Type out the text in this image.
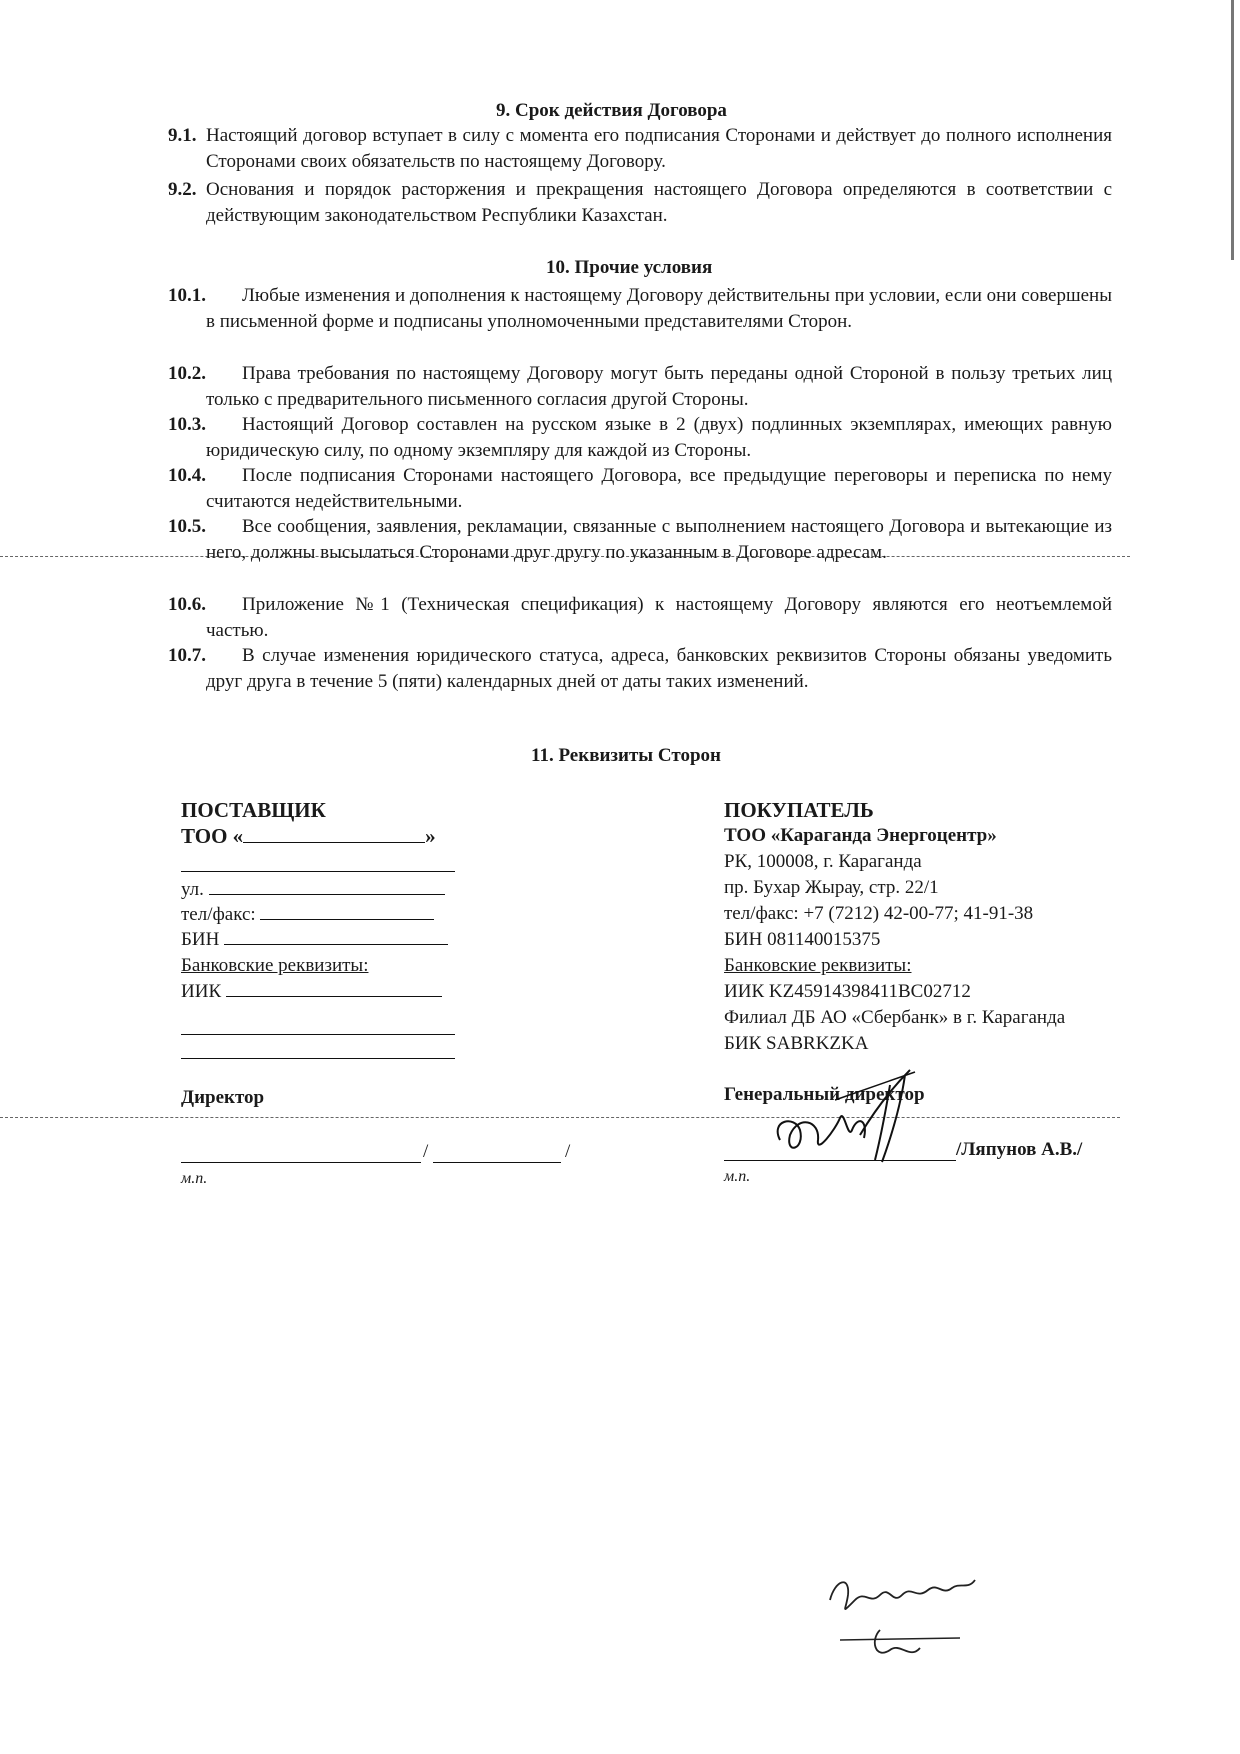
9. Срок действия Договора
9.1. Настоящий договор вступает в силу с момента его подписания Сторонами и действует до полного исполнения Сторонами своих обязательств по настоящему Договору.
9.2. Основания и порядок расторжения и прекращения настоящего Договора определяются в соответствии с действующим законодательством Республики Казахстан.
10. Прочие условия
10.1.	Любые изменения и дополнения к настоящему Договору действительны при условии, если они совершены в письменной форме и подписаны уполномоченными представителями Сторон.
10.2.	Права требования по настоящему Договору могут быть переданы одной Стороной в пользу третьих лиц только с предварительного письменного согласия другой Стороны.
10.3.	Настоящий Договор составлен на русском языке в 2 (двух) подлинных экземплярах, имеющих равную юридическую силу, по одному экземпляру для каждой из Стороны.
10.4.	После подписания Сторонами настоящего Договора, все предыдущие переговоры и переписка по нему считаются недействительными.
10.5.	Все сообщения, заявления, рекламации, связанные с выполнением настоящего Договора и вытекающие из него, должны высылаться Сторонами друг другу по указанным в Договоре адресам.
10.6.	Приложение №1 (Техническая спецификация) к настоящему Договору являются его неотъемлемой частью.
10.7.	В случае изменения юридического статуса, адреса, банковских реквизитов Стороны обязаны уведомить друг друга в течение 5 (пяти) календарных дней от даты таких изменений.
11. Реквизиты Сторон
ПОСТАВЩИК
ТОО «	»
ул.
тел/факс:
БИН
Банковские реквизиты:
ИИК
Директор
/	/
м.п.
ПОКУПАТЕЛЬ
ТОО «Караганда Энергоцентр»
РК, 100008, г. Караганда
пр. Бухар Жырау, стр. 22/1
тел/факс: +7 (7212) 42-00-77; 41-91-38
БИН 081140015375
Банковские реквизиты:
ИИК KZ45914398411BC02712
Филиал ДБ АО «Сбербанк» в г. Караганда
БИК SABRKZKA
Генеральный директор
/Ляпунов А.В./
м.п.
